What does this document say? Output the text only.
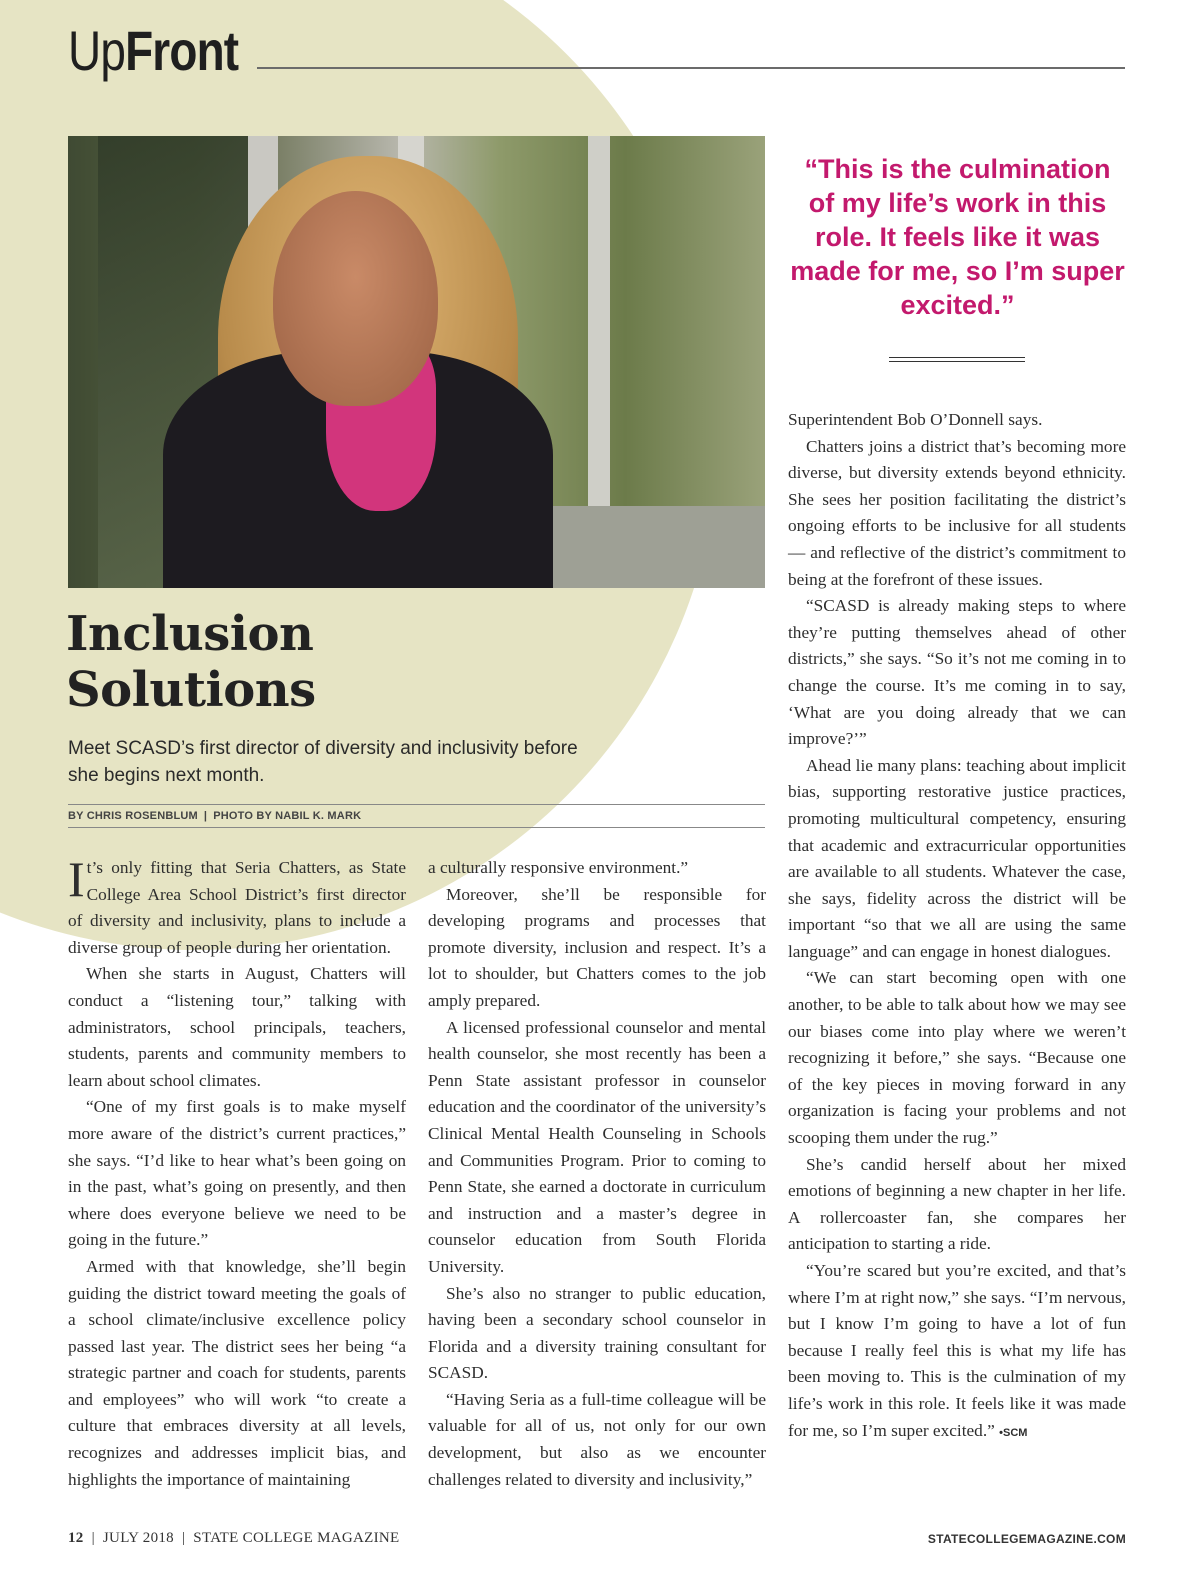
UpFront

“This is the culmination of my life’s work in this role. It feels like it was made for me, so I’m super excited.”

Inclusion
Solutions

Meet SCASD’s first director of diversity and inclusivity before she begins next month.

BY CHRIS ROSENBLUM | PHOTO BY NABIL K. MARK

It’s only fitting that Seria Chatters, as State College Area School District’s first director of diversity and inclusivity, plans to include a diverse group of people during her orientation.

When she starts in August, Chatters will conduct a “listening tour,” talking with administrators, school principals, teachers, students, parents and community members to learn about school climates.

“One of my first goals is to make myself more aware of the district’s current practices,” she says. “I’d like to hear what’s been going on in the past, what’s going on presently, and then where does everyone believe we need to be going in the future.”

Armed with that knowledge, she’ll begin guiding the district toward meeting the goals of a school climate/inclusive excellence policy passed last year. The district sees her being “a strategic partner and coach for students, parents and employees” who will work “to create a culture that embraces diversity at all levels, recognizes and addresses implicit bias, and highlights the importance of maintaining

a culturally responsive environment.”

Moreover, she’ll be responsible for developing programs and processes that promote diversity, inclusion and respect. It’s a lot to shoulder, but Chatters comes to the job amply prepared.

A licensed professional counselor and mental health counselor, she most recently has been a Penn State assistant professor in counselor education and the coordinator of the university’s Clinical Mental Health Counseling in Schools and Communities Program. Prior to coming to Penn State, she earned a doctorate in curriculum and instruction and a master’s degree in counselor education from South Florida University.

She’s also no stranger to public education, having been a secondary school counselor in Florida and a diversity training consultant for SCASD.

“Having Seria as a full-time colleague will be valuable for all of us, not only for our own development, but also as we encounter challenges related to diversity and inclusivity,”

Superintendent Bob O’Donnell says.

Chatters joins a district that’s becoming more diverse, but diversity extends beyond ethnicity. She sees her position facilitating the district’s ongoing efforts to be inclusive for all students — and reflective of the district’s commitment to being at the forefront of these issues.

“SCASD is already making steps to where they’re putting themselves ahead of other districts,” she says. “So it’s not me coming in to change the course. It’s me coming in to say, ‘What are you doing already that we can improve?’”

Ahead lie many plans: teaching about implicit bias, supporting restorative justice practices, promoting multicultural competency, ensuring that academic and extracurricular opportunities are available to all students. Whatever the case, she says, fidelity across the district will be important “so that we all are using the same language” and can engage in honest dialogues.

“We can start becoming open with one another, to be able to talk about how we may see our biases come into play where we weren’t recognizing it before,” she says. “Because one of the key pieces in moving forward in any organization is facing your problems and not scooping them under the rug.”

She’s candid herself about her mixed emotions of beginning a new chapter in her life. A rollercoaster fan, she compares her anticipation to starting a ride.

“You’re scared but you’re excited, and that’s where I’m at right now,” she says. “I’m nervous, but I know I’m going to have a lot of fun because I really feel this is what my life has been moving to. This is the culmination of my life’s work in this role. It feels like it was made for me, so I’m super excited.” •SCM

12 | JULY 2018 | STATE COLLEGE MAGAZINE	STATECOLLEGEMAGAZINE.COM
